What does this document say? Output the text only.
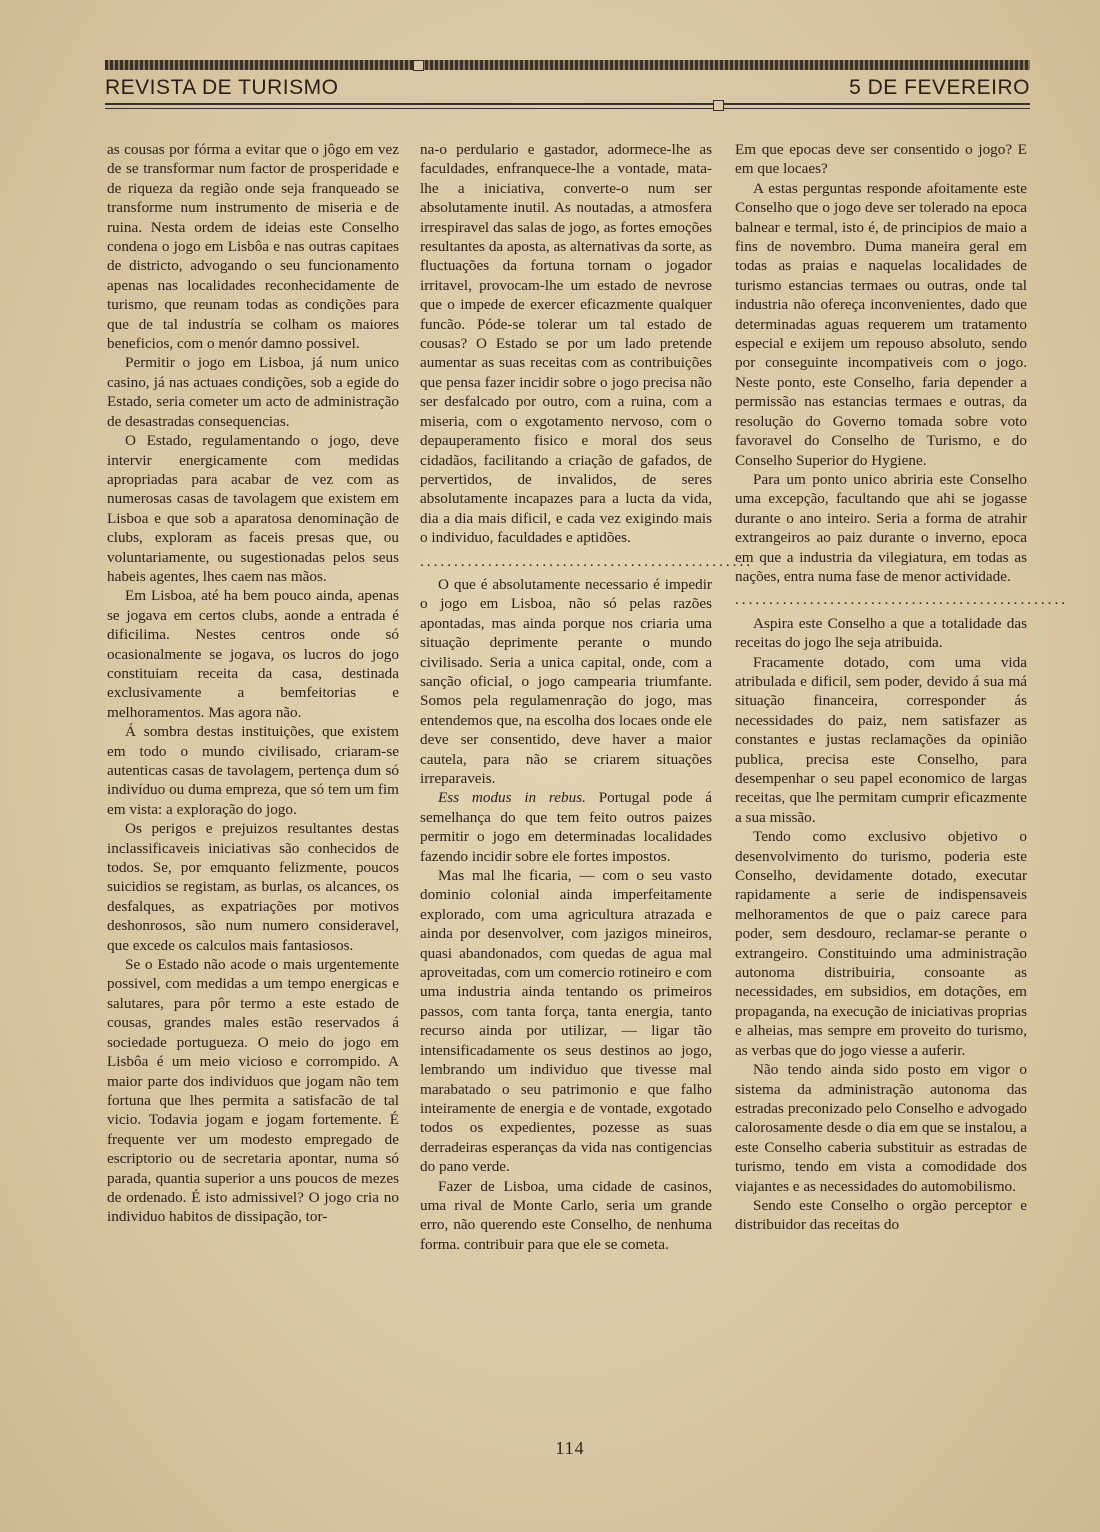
REVISTA DE TURISMO	5 DE FEVEREIRO

as cousas por fórma a evitar que o jôgo em vez de se transformar num factor de prosperidade e de riqueza da região onde seja franqueado se transforme num instrumento de miseria e de ruina. Nesta ordem de ideias este Conselho condena o jogo em Lisbôa e nas outras capitaes de districto, advogando o seu funcionamento apenas nas localidades reconhecidamente de turismo, que reunam todas as condições para que de tal industría se colham os maiores beneficios, com o menór damno possivel.

Permitir o jogo em Lisboa, já num unico casino, já nas actuaes condições, sob a egide do Estado, seria cometer um acto de administração de desastradas consequencias.

O Estado, regulamentando o jogo, deve intervir energicamente com medidas apropriadas para acabar de vez com as numerosas casas de tavolagem que existem em Lisboa e que sob a aparatosa denominação de clubs, exploram as faceis presas que, ou voluntariamente, ou sugestionadas pelos seus habeis agentes, lhes caem nas mãos.

Em Lisboa, até ha bem pouco ainda, apenas se jogava em certos clubs, aonde a entrada é dificilima. Nestes centros onde só ocasionalmente se jogava, os lucros do jogo constituiam receita da casa, destinada exclusivamente a bemfeitorias e melhoramentos. Mas agora não.

Á sombra destas instituições, que existem em todo o mundo civilisado, criaram-se autenticas casas de tavolagem, pertença dum só indivíduo ou duma empreza, que só tem um fim em vista: a exploração do jogo.

Os perigos e prejuizos resultantes destas inclassificaveis iniciativas são conhecidos de todos. Se, por emquanto felizmente, poucos suicidios se registam, as burlas, os alcances, os desfalques, as expatriações por motivos deshonrosos, são num numero consideravel, que excede os calculos mais fantasiosos.

Se o Estado não acode o mais urgentemente possivel, com medidas a um tempo energicas e salutares, para pôr termo a este estado de cousas, grandes males estão reservados á sociedade portugueza. O meio do jogo em Lisbôa é um meio vicioso e corrompido. A maior parte dos individuos que jogam não tem fortuna que lhes permita a satisfacão de tal vicio. Todavia jogam e jogam fortemente. É frequente ver um modesto empregado de escriptorio ou de secretaria apontar, numa só parada, quantia superior a uns poucos de mezes de ordenado. É isto admissivel? O jogo cria no individuo habitos de dissipação, tor-

na-o perdulario e gastador, adormece-lhe as faculdades, enfranquece-lhe a vontade, mata-lhe a iniciativa, converte-o num ser absolutamente inutil. As noutadas, a atmosfera irrespiravel das salas de jogo, as fortes emoções resultantes da aposta, as alternativas da sorte, as fluctuações da fortuna tornam o jogador irritavel, provocam-lhe um estado de nevrose que o impede de exercer eficazmente qualquer funcão. Póde-se tolerar um tal estado de cousas? O Estado se por um lado pretende aumentar as suas receitas com as contribuições que pensa fazer incidir sobre o jogo precisa não ser desfalcado por outro, com a ruina, com a miseria, com o exgotamento nervoso, com o depauperamento fisico e moral dos seus cidadãos, facilitando a criação de gafados, de pervertidos, de invalidos, de seres absolutamente incapazes para a lucta da vida, dia a dia mais dificil, e cada vez exigindo mais o individuo, faculdades e aptidões.

.................................................

O que é absolutamente necessario é impedir o jogo em Lisboa, não só pelas razões apontadas, mas ainda porque nos criaria uma situação deprimente perante o mundo civilisado. Seria a unica capital, onde, com a sanção oficial, o jogo campearia triumfante. Somos pela regulamenração do jogo, mas entendemos que, na escolha dos locaes onde ele deve ser consentido, deve haver a maior cautela, para não se criarem situações irreparaveis.

Ess modus in rebus. Portugal pode á semelhança do que tem feito outros paizes permitir o jogo em determinadas localidades fazendo incidir sobre ele fortes impostos.

Mas mal lhe ficaria, — com o seu vasto dominio colonial ainda imperfeitamente explorado, com uma agricultura atrazada e ainda por desenvolver, com jazigos mineiros, quasi abandonados, com quedas de agua mal aproveitadas, com um comercio rotineiro e com uma industria ainda tentando os primeiros passos, com tanta força, tanta energia, tanto recurso ainda por utilizar, — ligar tão intensificadamente os seus destinos ao jogo, lembrando um individuo que tivesse mal marabatado o seu patrimonio e que falho inteiramente de energia e de vontade, exgotado todos os expedientes, pozesse as suas derradeiras esperanças da vida nas contigencias do pano verde.

Fazer de Lisboa, uma cidade de casinos, uma rival de Monte Carlo, seria um grande erro, não querendo este Conselho, de nenhuma forma. contribuir para que ele se cometa.

Em que epocas deve ser consentido o jogo? E em que locaes?

A estas perguntas responde afoitamente este Conselho que o jogo deve ser tolerado na epoca balnear e termal, isto é, de principios de maio a fins de novembro. Duma maneira geral em todas as praias e naquelas localidades de turismo estancias termaes ou outras, onde tal industria não ofereça inconvenientes, dado que determinadas aguas requerem um tratamento especial e exijem um repouso absoluto, sendo por conseguinte incompativeis com o jogo. Neste ponto, este Conselho, faria depender a permissão nas estancias termaes e outras, da resolução do Governo tomada sobre voto favoravel do Conselho de Turismo, e do Conselho Superior do Hygiene.

Para um ponto unico abriria este Conselho uma excepção, facultando que ahi se jogasse durante o ano inteiro. Seria a forma de atrahir extrangeiros ao paiz durante o inverno, epoca em que a industria da vilegiatura, em todas as nações, entra numa fase de menor actividade.

.................................................

Aspira este Conselho a que a totalidade das receitas do jogo lhe seja atribuida.

Fracamente dotado, com uma vida atribulada e dificil, sem poder, devido á sua má situação financeira, corresponder ás necessidades do paiz, nem satisfazer as constantes e justas reclamações da opinião publica, precisa este Conselho, para desempenhar o seu papel economico de largas receitas, que lhe permitam cumprir eficazmente a sua missão.

Tendo como exclusivo objetivo o desenvolvimento do turismo, poderia este Conselho, devidamente dotado, executar rapidamente a serie de indispensaveis melhoramentos de que o paiz carece para poder, sem desdouro, reclamar-se perante o extrangeiro. Constituindo uma administração autonoma distribuiria, consoante as necessidades, em subsidios, em dotações, em propaganda, na execução de iniciativas proprias e alheias, mas sempre em proveito do turismo, as verbas que do jogo viesse a auferir.

Não tendo ainda sido posto em vigor o sistema da administração autonoma das estradas preconizado pelo Conselho e advogado calorosamente desde o dia em que se instalou, a este Conselho caberia substituir as estradas de turismo, tendo em vista a comodidade dos viajantes e as necessidades do automobilismo.

Sendo este Conselho o orgão perceptor e distribuidor das receitas do

114
